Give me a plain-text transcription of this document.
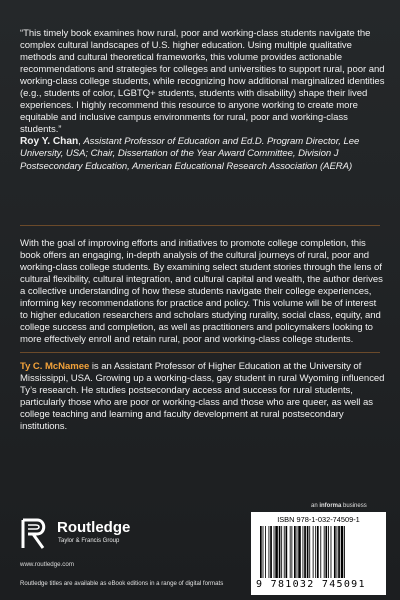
“This timely book examines how rural, poor and working-class students navigate the complex cultural landscapes of U.S. higher education. Using multiple qualitative methods and cultural theoretical frameworks, this volume provides actionable recommendations and strategies for colleges and universities to support rural, poor and working-class college students, while recognizing how additional marginalized identities (e.g., students of color, LGBTQ+ students, students with disability) shape their lived experiences. I highly recommend this resource to anyone working to create more equitable and inclusive campus environments for rural, poor and working-class students.”

Roy Y. Chan, Assistant Professor of Education and Ed.D. Program Director, Lee University, USA; Chair, Dissertation of the Year Award Committee, Division J Postsecondary Education, American Educational Research Association (AERA)

With the goal of improving efforts and initiatives to promote college completion, this book offers an engaging, in-depth analysis of the cultural journeys of rural, poor and working-class college students. By examining select student stories through the lens of cultural flexibility, cultural integration, and cultural capital and wealth, the author derives a collective understanding of how these students navigate their college experiences, informing key recommendations for practice and policy. This volume will be of interest to higher education researchers and scholars studying rurality, social class, equity, and college success and completion, as well as practitioners and policymakers looking to more effectively enroll and retain rural, poor and working-class college students.

Ty C. McNamee is an Assistant Professor of Higher Education at the University of Mississippi, USA. Growing up a working-class, gay student in rural Wyoming influenced Ty’s research. He studies postsecondary access and success for rural students, particularly those who are poor or working-class and those who are queer, as well as college teaching and learning and faculty development at rural postsecondary institutions.

Routledge
Taylor & Francis Group
www.routledge.com
Routledge titles are available as eBook editions in a range of digital formats
an informa business
ISBN 978-1-032-74509-1
9 781032 745091
